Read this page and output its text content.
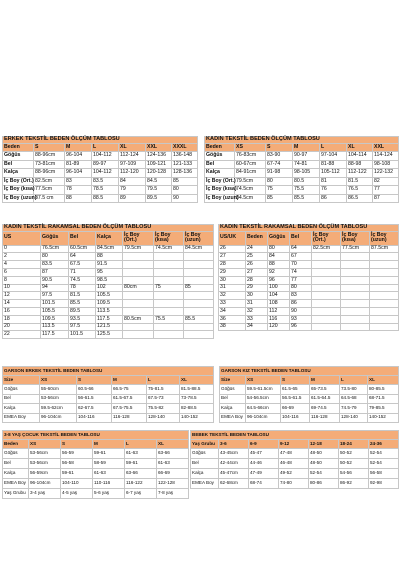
ERKEK TEKSTİL BEDEN ÖLÇÜM TABLOSU						
Beden	S	M	L	XL	XXL	XXXL
Göğüs	88-96cm	96-104	104-112	112-124	124-136	136-148
Bel	73-81cm	81-89	89-97	97-109	109-121	121-133
Kalça	88-96cm	96-104	104-112	112-120	120-128	128-136
İç Boy (Ort.)	82.5cm	83	83.5	84	84.5	85
İç Boy (kısa)	77.5cm	78	78.5	79	79.5	80
İç Boy (uzun)	87.5 cm	88	88.5	89	89.5	90
KADIN TEKSTİL BEDEN ÖLÇÜM TABLOSU						
Beden	XS	S	M	L	XL	XXL
Göğüs	76-83cm	83-90	90-97	97-104	104-114	114-124
Bel	60-67cm	67-74	74-81	81-88	88-98	98-108
Kalça	84-91cm	91-98	98-105	105-112	112-122	122-132
İç Boy (Ort.)	79.5cm	80	80.5	81	81.5	82
İç Boy (kısa)	74.5cm	75	75.5	76	76.5	77
İç Boy (uzun)	84.5cm	85	85.5	86	86.5	87
KADIN TEKSTİL RAKAMSAL BEDEN ÖLÇÜM TABLOSU						
US	Göğüs	Bel	Kalça	İç Boy (Ort.)	İç Boy (kısa)	İç Boy (uzun)
0	76.5cm	60.5cm	84.5cm	79.5cm	74.5cm	84.5cm
2	80	64	88			
4	83.5	67.5	91.5			
6	87	71	95			
8	90.5	74.5	98.5			
10	94	78	102	80cm	75	85
12	97.5	81.5	105.5			
14	101.5	85.5	109.5			
16	105.5	89.5	113.5			
18	109.5	93.5	117.5	80.5cm	75.5	85.5
20	113.5	97.5	121.5			
22	117.5	101.5	125.5			
KADIN TEKSTİL RAKAMSAL BEDEN ÖLÇÜM TABLOSU						
US/UK	Beden	Göğüs	Bel	İç Boy (Ort.)	İç Boy (kısa)	İç Boy (uzun)
26	24	80	64	82.5cm	77.5cm	87.5cm
27	25	84	67			
28	26	88	70			
29	27	92	74			
30	28	96	77			
31	29	100	80			
32	30	104	83			
33	31	108	86			
34	32	112	90			
36	33	116	93			
38	34	120	96			
GARSON ERKEK TEKSTİL BEDEN TABLOSU					
Size	XS	S	M	L	XL
Göğüs	55-60cm	60.5-66	66.5-75	75-81.5	81.5-88.5
Bel	53-56cm	56-61.5	61.5-67.5	67.5-73	73-78.5
Kalça	59.5-62cm	62-67.5	67.5-75.5	75.5-82	82-88.5
EMEA Boy	96-104cm	104-116	116-128	128-140	140-152
GARSON KIZ TEKSTİL BEDEN TABLOSU					
Size	XS	S	M	L	XL
Göğüs	59.5-61.5cm	61.5-65	65-73.5	73.5-80	80-85.5
Bel	54-56.5cm	56.5-61.5	61.5-64.5	64.5-68	68-71.5
Kalça	64.5-66cm	66-69	69-74.5	74.5-79	79-85.5
EMEA Boy	96-104cm	104-116	116-128	128-140	140-152
3-8 YAŞ ÇOCUK TEKSTİL BEDEN TABLOSU					
Beden	XS	S	M	L	XL
Göğüs	53-56cm	56-59	59-61	61-63	63-66
Bel	53-56cm	56-58	58-59	59-61	61-63
Kalça	56-59cm	59-61	61-63	63-66	66-69
EMEA Boy	96-104cm	104-110	110-116	116-122	122-128
Yaş Grubu	3-4 yaş	4-5 yaş	5-6 yaş	6-7 yaş	7-8 yaş
BEBEK TEKSTİL BEDEN TABLOSU						
Yaş Grubu	3-6	6-9	9-12	12-18	18-24	24-36
Göğüs	43-45cm	45-47	47-48	48-50	50-52	52-54
Bel	42-44cm	44-46	46-48	48-50	50-52	52-54
Kalça	45-47cm	47-49	49-52	52-54	54-56	56-58
EMEA Boy	62-68cm	68-74	74-80	80-86	86-92	92-98
